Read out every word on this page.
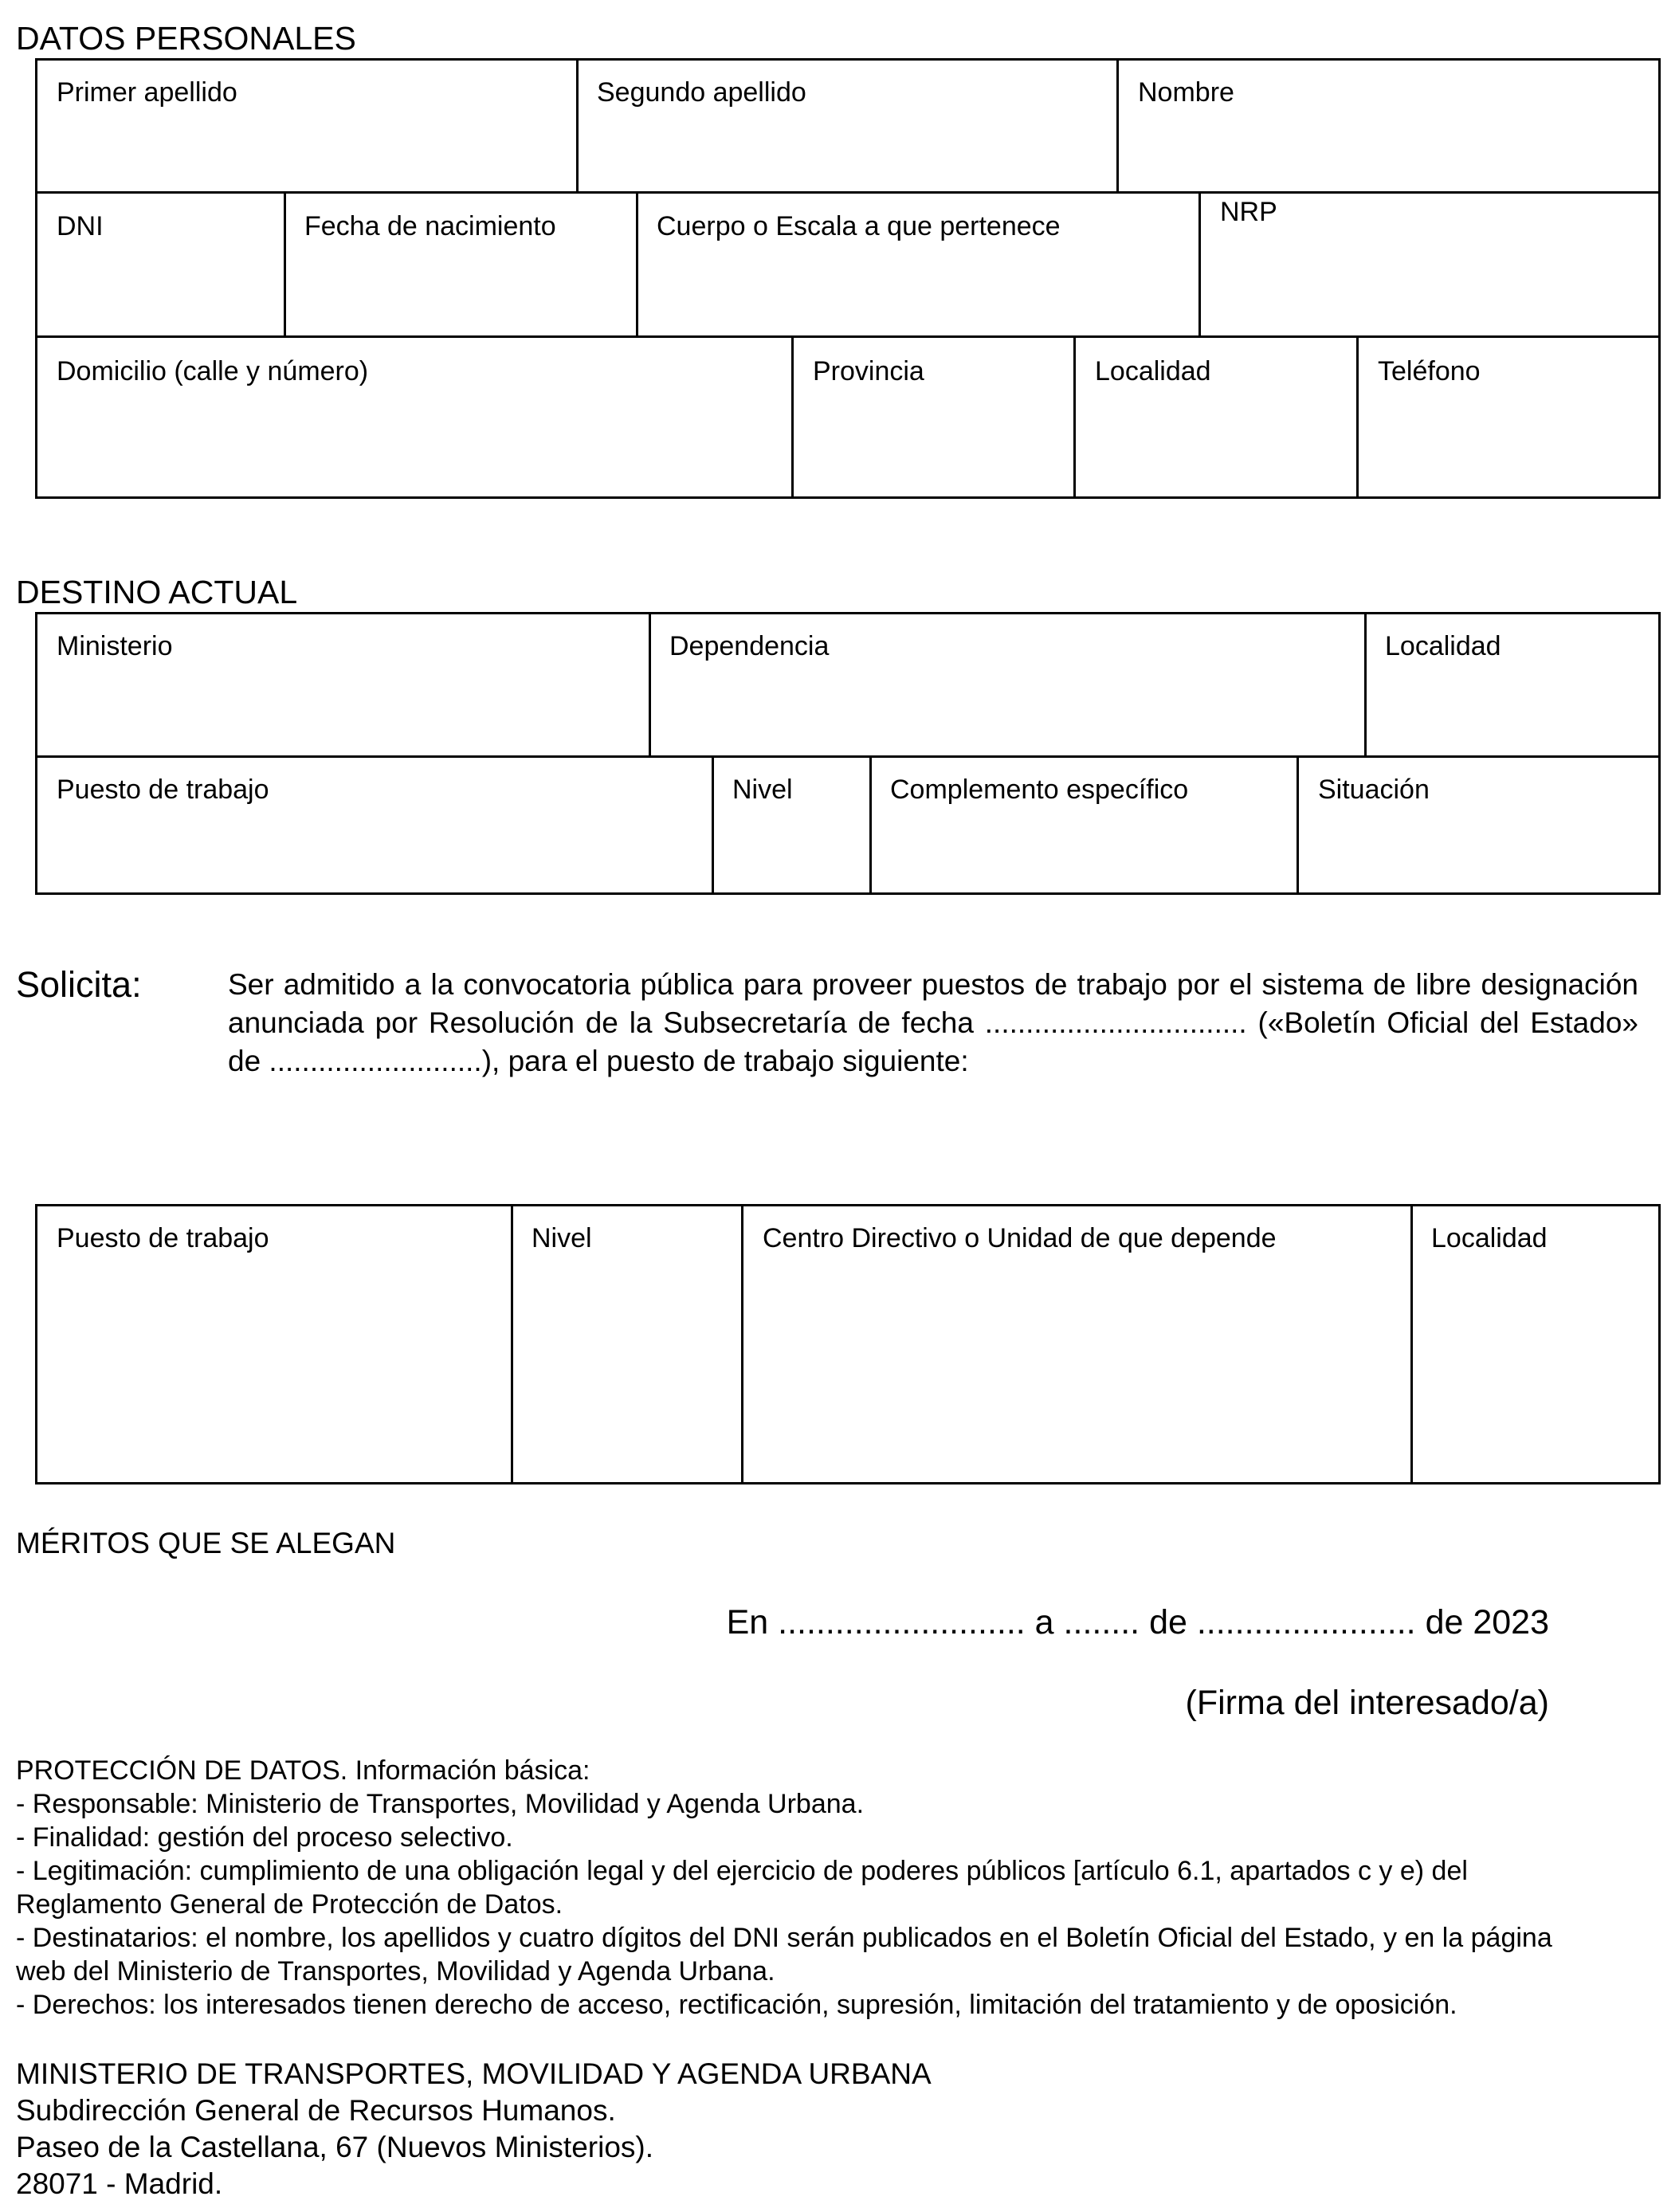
DATOS PERSONALES
Primer apellido	Segundo apellido	Nombre
DNI	Fecha de nacimiento	Cuerpo o Escala a que pertenece	NRP
Domicilio (calle y número)	Provincia	Localidad	Teléfono
DESTINO ACTUAL
Ministerio	Dependencia	Localidad
Puesto de trabajo	Nivel	Complemento específico	Situación
Solicita:	Ser admitido a la convocatoria pública para proveer puestos de trabajo por el sistema de libre designación anunciada por Resolución de la Subsecretaría de fecha ................................ («Boletín Oficial del Estado» de ..........................), para el puesto de trabajo siguiente:
Puesto de trabajo	Nivel	Centro Directivo o Unidad de que depende	Localidad
MÉRITOS QUE SE ALEGAN
En .......................... a ........ de ....................... de 2023
(Firma del interesado/a)
PROTECCIÓN DE DATOS. Información básica:
- Responsable: Ministerio de Transportes, Movilidad y Agenda Urbana.
- Finalidad: gestión del proceso selectivo.
- Legitimación: cumplimiento de una obligación legal y del ejercicio de poderes públicos [artículo 6.1, apartados c y e) del Reglamento General de Protección de Datos.
- Destinatarios: el nombre, los apellidos y cuatro dígitos del DNI serán publicados en el Boletín Oficial del Estado, y en la página web del Ministerio de Transportes, Movilidad y Agenda Urbana.
- Derechos: los interesados tienen derecho de acceso, rectificación, supresión, limitación del tratamiento y de oposición.
MINISTERIO DE TRANSPORTES, MOVILIDAD Y AGENDA URBANA
Subdirección General de Recursos Humanos.
Paseo de la Castellana, 67 (Nuevos Ministerios).
28071 - Madrid.
